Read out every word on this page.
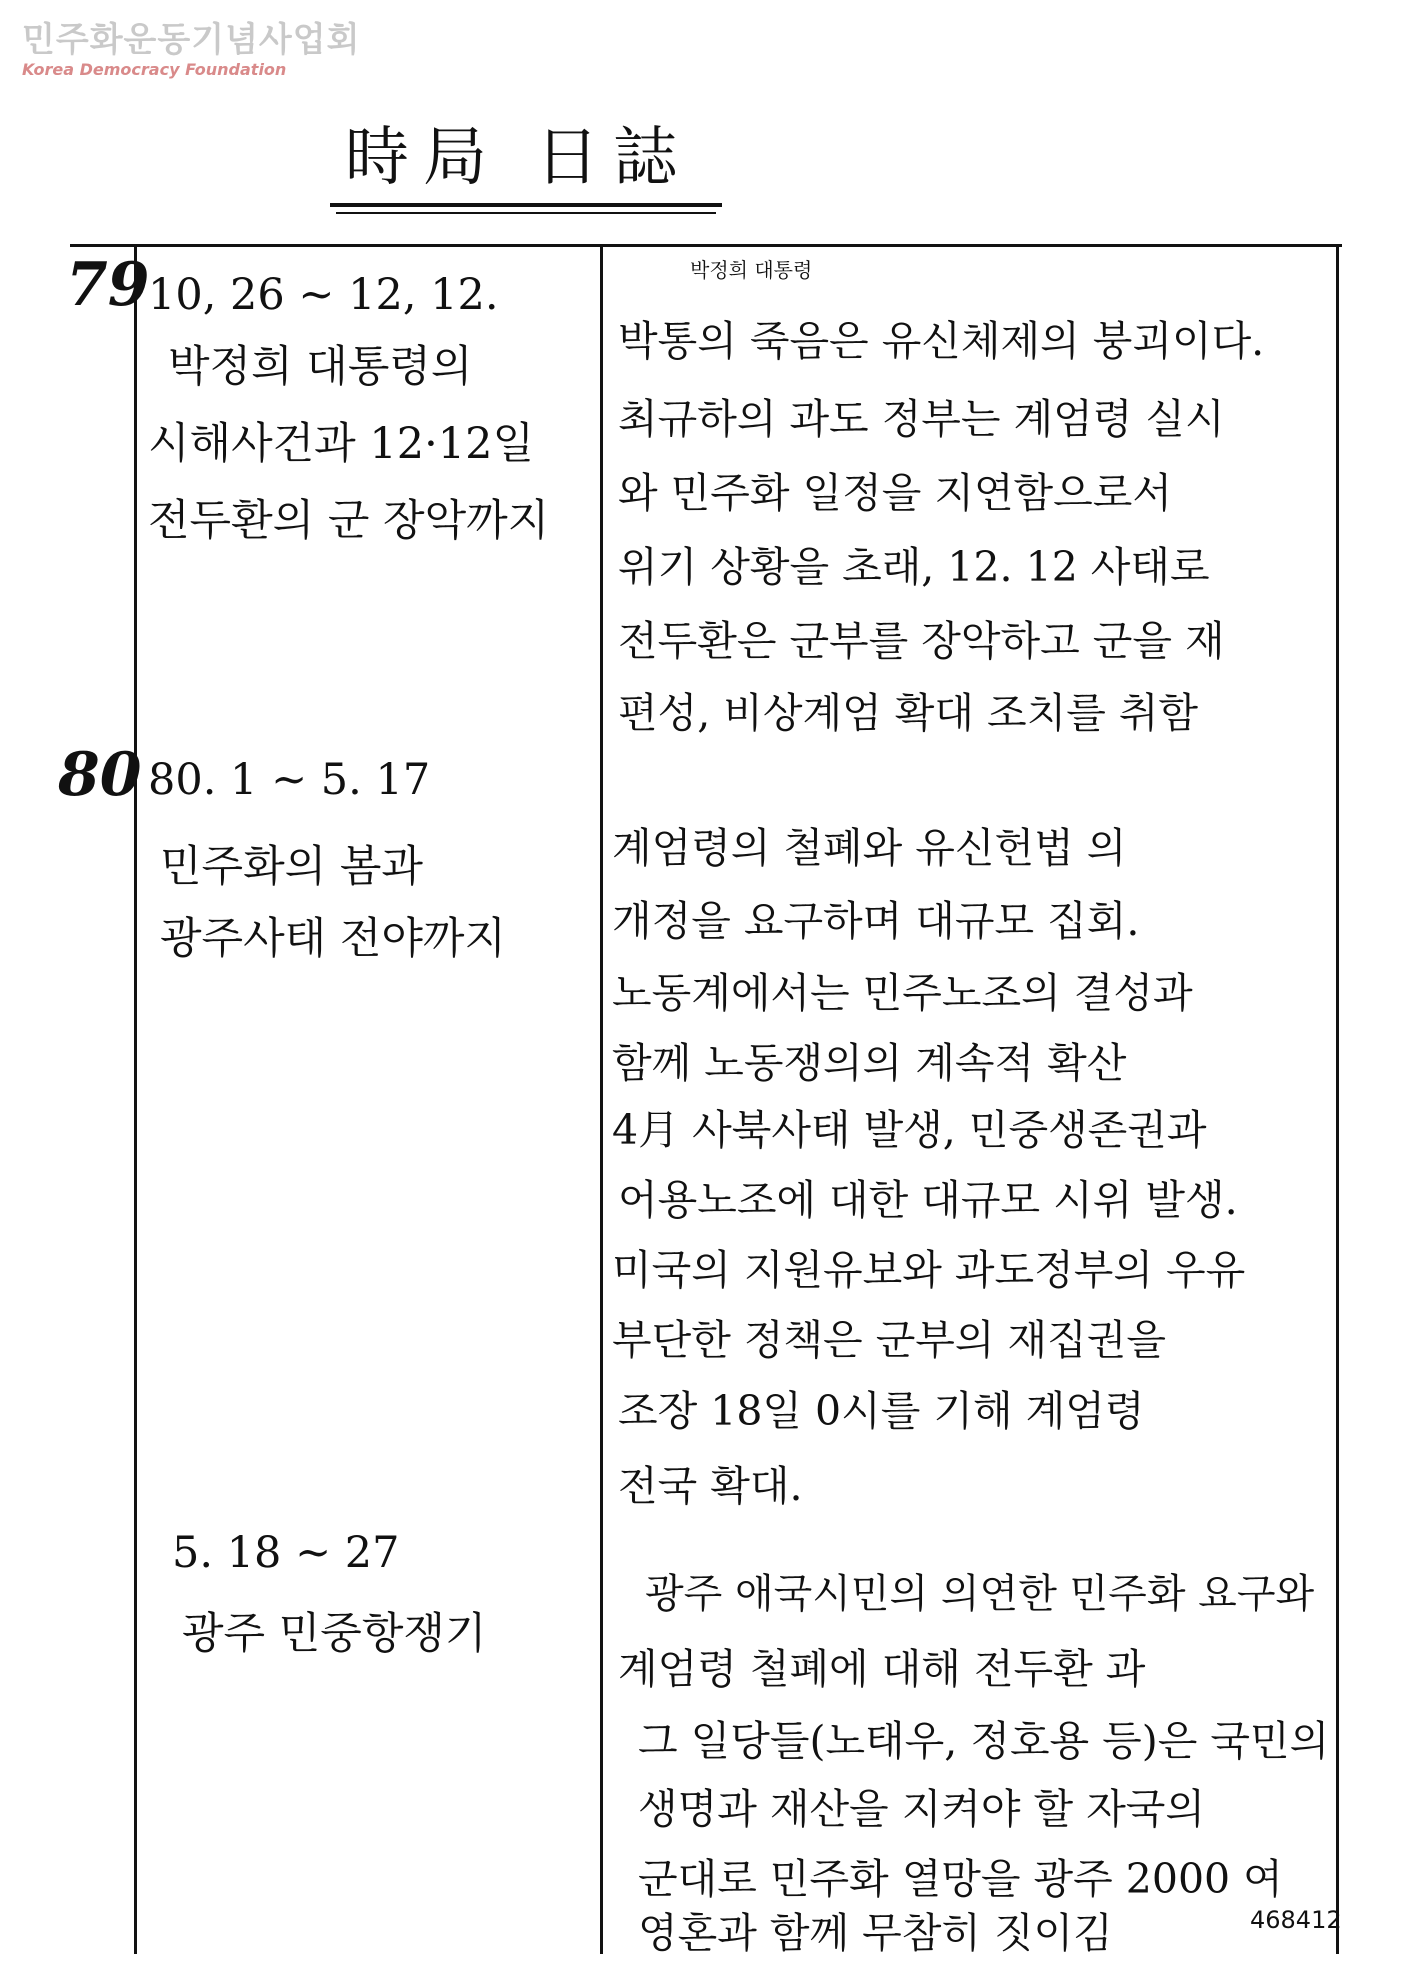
민주화운동기념사업회
Korea Democracy Foundation
時局 日誌
79
10, 26 ~ 12, 12.
박정희 대통령의
시해사건과 12·12일
전두환의 군 장악까지
박정희 대통령
박통의 죽음은 유신체제의 붕괴이다.
최규하의 과도 정부는 계엄령 실시
와 민주화 일정을 지연함으로서
위기 상황을 초래, 12. 12 사태로
전두환은 군부를 장악하고 군을 재
편성, 비상계엄 확대 조치를 취함
80 80. 1 ~ 5. 17
민주화의 봄과
광주사태 전야까지
계엄령의 철폐와 유신헌법 의
개정을 요구하며 대규모 집회.
노동계에서는 민주노조의 결성과
함께 노동쟁의의 계속적 확산
4月 사북사태 발생, 민중생존권과
어용노조에 대한 대규모 시위 발생.
미국의 지원유보와 과도정부의 우유
부단한 정책은 군부의 재집권을
조장 18일 0시를 기해 계엄령
전국 확대.
5. 18 ~ 27
광주 민중항쟁기
광주 애국시민의 의연한 민주화 요구와
계엄령 철폐에 대해 전두환 과
그 일당들(노태우, 정호용 등)은 국민의
생명과 재산을 지켜야 할 자국의
군대로 민주화 열망을 광주 2000 여
영혼과 함께 무참히 짓이김	468412
